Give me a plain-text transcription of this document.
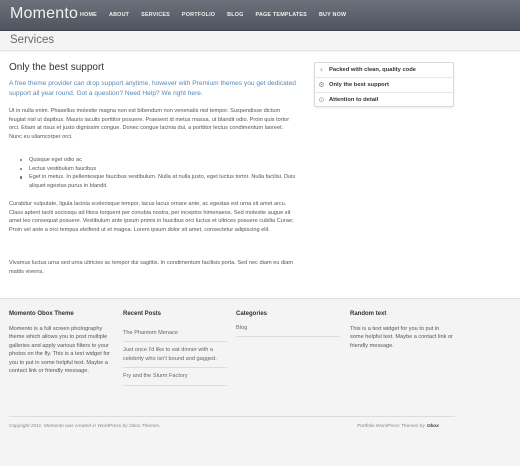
Momento HOME ABOUT SERVICES PORTFOLIO BLOG PAGE TEMPLATES BUY NOW
Services
Only the best support
A free theme provider can drop support anytime, however with Premium themes you get dedicated support all year round. Got a question? Need Help? We right here.
Ut in nulla enim. Phasellus molestie magna non est bibendum non venenatis nisl tempor. Suspendisse dictum feugiat nisl ut dapibus. Mauris iaculis porttitor posuere. Praesent id metus massa, ut blandit odio. Proin quis tortor orci. Etiam at risus et justo dignissim congue. Donec congue lacinia dui, a porttitor lectus condimentum laoreet. Nunc eu ullamcorper orci.
Quisque eget odio ac
Lectus vestibulum faucibus
Eget in metus. In pellentesque faucibus vestibulum. Nulla at nulla justo, eget luctus tortor. Nulla facilisi. Duis aliquet egestas purus in blandit.
Curabitur vulputate, ligula lacinia scelerisque tempor, lacus lacus ornare ante, ac egestas est urna sit amet arcu. Class aptent taciti sociosqu ad litora torquent per conubia nostra, per inceptos himenaeos. Sed molestie augue sit amet leo consequat posuere. Vestibulum ante ipsum primis in faucibus orci luctus et ultrices posuere cubilia Curae; Proin vel ante a orci tempus eleifend ut et magna. Lorem ipsum dolor sit amet, consectetur adipiscing elit.
Vivamus luctus urna sed urna ultricies ac tempor dui sagittis. In condimentum facilisis porta. Sed nec diam eu diam mattis viverra.
♀ Packed with clean, quality code
⚙ Only the best support
⊙ Attention to detail
Momento Obox Theme
Momento is a full screen photography theme which allows you to post multiple galleries and apply various filters to your photos on the fly. This is a text widget for you to put in some helpful text. Maybe a contact link or friendly message.
Recent Posts
The Phantom Menace
Just once I'd like to eat dinner with a celebrity who isn't bound and gagged.
Fry and the Slurm Factory
Categories
Blog
Random text
This is a text widget for you to put in some helpful text. Maybe a contact link or friendly message.
Copyright 2011. Momento was created in WordPress by Obox Themes.	Portfolio WordPress Themes by Obox
